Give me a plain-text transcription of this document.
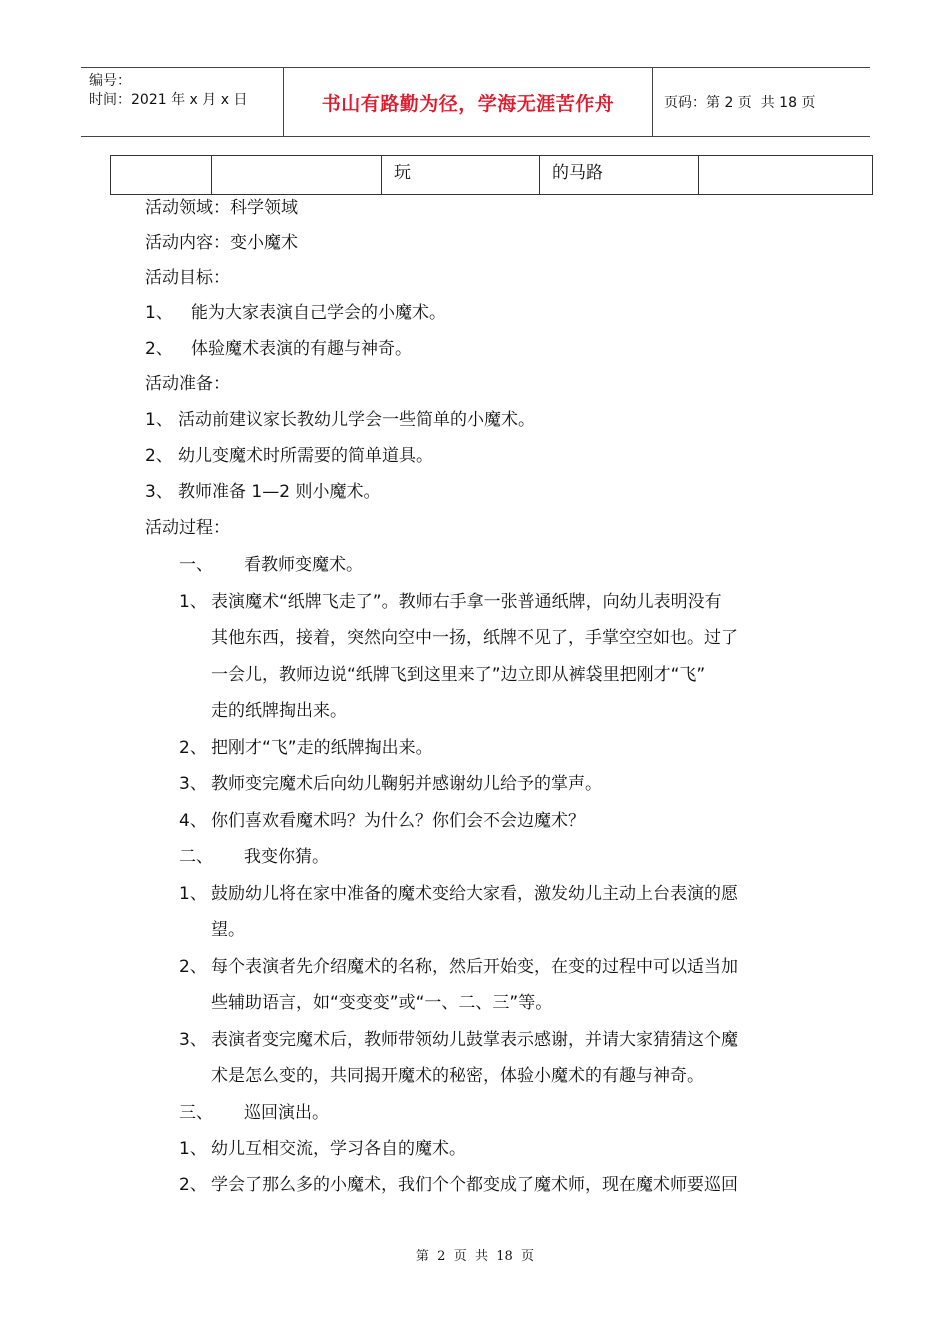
编号：
时间：2021 年 x 月 x 日	书山有路勤为径，学海无涯苦作舟	页码：第 2 页  共 18 页
玩	的马路
活动领域：科学领域
活动内容：变小魔术
活动目标：
1、 能为大家表演自己学会的小魔术。
2、 体验魔术表演的有趣与神奇。
活动准备：
1、 活动前建议家长教幼儿学会一些简单的小魔术。
2、 幼儿变魔术时所需要的简单道具。
3、 教师准备 1—2 则小魔术。
活动过程：
一、 看教师变魔术。
1、 表演魔术“纸牌飞走了”。教师右手拿一张普通纸牌，向幼儿表明没有
其他东西，接着，突然向空中一扬，纸牌不见了，手掌空空如也。过了
一会儿，教师边说“纸牌飞到这里来了”边立即从裤袋里把刚才“飞”
走的纸牌掏出来。
2、 把刚才“飞”走的纸牌掏出来。
3、 教师变完魔术后向幼儿鞠躬并感谢幼儿给予的掌声。
4、 你们喜欢看魔术吗？为什么？你们会不会边魔术？
二、 我变你猜。
1、 鼓励幼儿将在家中准备的魔术变给大家看，激发幼儿主动上台表演的愿
望。
2、 每个表演者先介绍魔术的名称，然后开始变，在变的过程中可以适当加
些辅助语言，如“变变变”或“一、二、三”等。
3、 表演者变完魔术后，教师带领幼儿鼓掌表示感谢，并请大家猜猜这个魔
术是怎么变的，共同揭开魔术的秘密，体验小魔术的有趣与神奇。
三、 巡回演出。
1、 幼儿互相交流，学习各自的魔术。
2、 学会了那么多的小魔术，我们个个都变成了魔术师，现在魔术师要巡回
第  2  页  共  18  页
